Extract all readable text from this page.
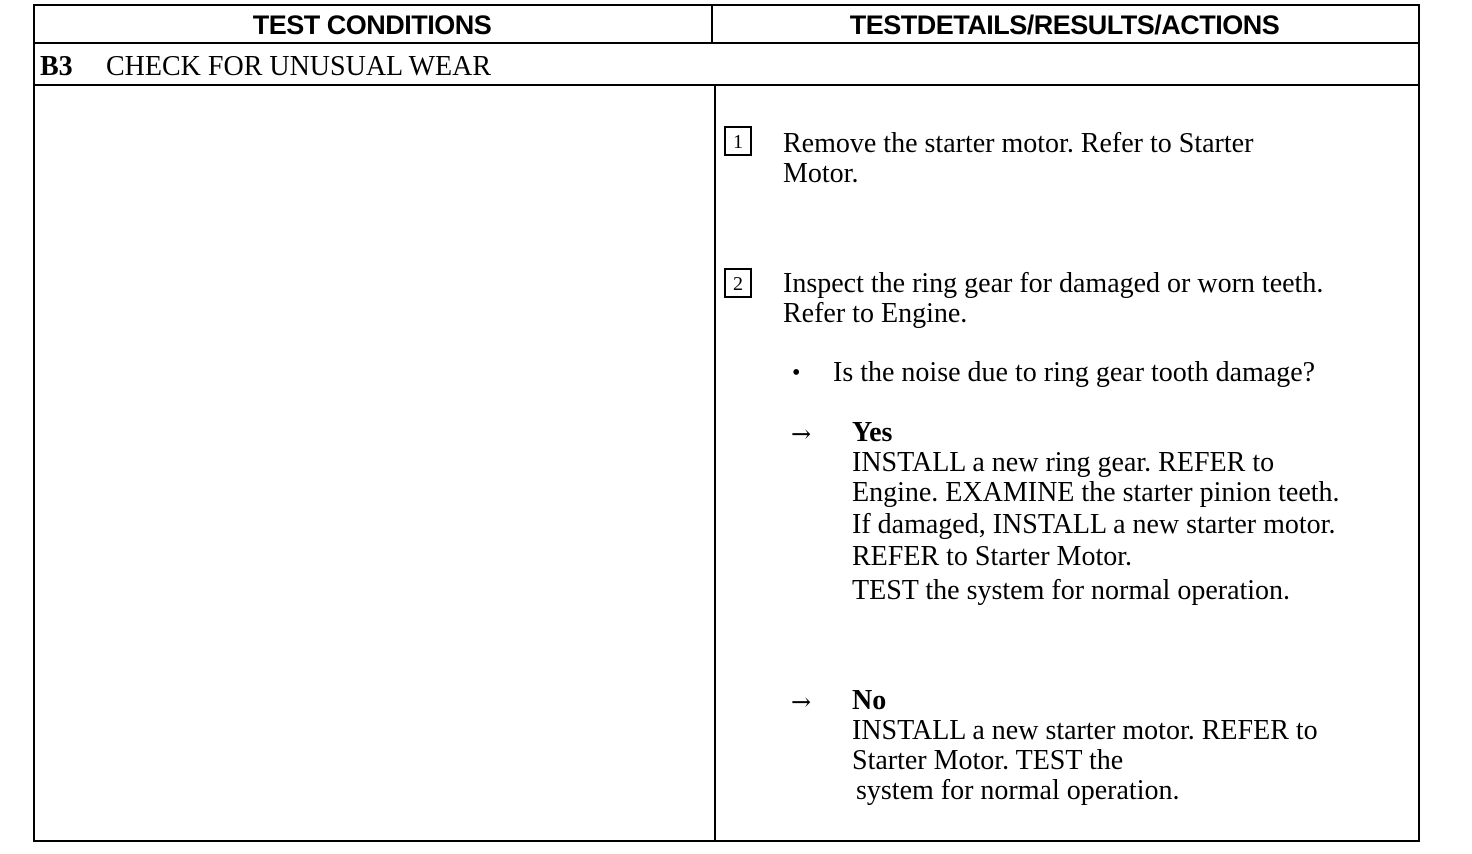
TEST CONDITIONS	TESTDETAILS/RESULTS/ACTIONS
B3 CHECK FOR UNUSUAL WEAR
1	Remove the starter motor. Refer to Starter
Motor.
2	Inspect the ring gear for damaged or worn teeth.
Refer to Engine.
• Is the noise due to ring gear tooth damage?
→ Yes
INSTALL a new ring gear. REFER to
Engine. EXAMINE the starter pinion teeth.
If damaged, INSTALL a new starter motor.
REFER to Starter Motor.
TEST the system for normal operation.
→ No
INSTALL a new starter motor. REFER to
Starter Motor. TEST the
system for normal operation.
